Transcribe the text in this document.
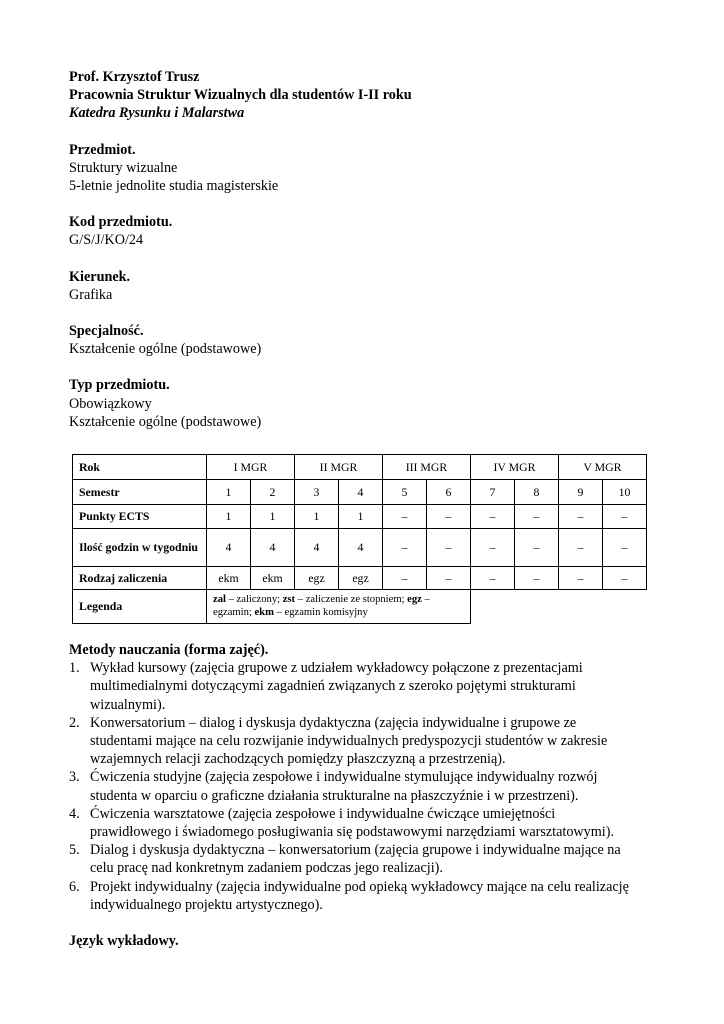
Prof. Krzysztof Trusz
Pracownia Struktur Wizualnych dla studentów I-II roku
Katedra Rysunku i Malarstwa
Przedmiot.
Struktury wizualne
5-letnie jednolite studia magisterskie
Kod przedmiotu.
G/S/J/KO/24
Kierunek.
Grafika
Specjalność.
Kształcenie ogólne (podstawowe)
Typ przedmiotu.
Obowiązkowy
Kształcenie ogólne (podstawowe)
Rok	I MGR		II MGR		III MGR		IV MGR		V MGR	
Semestr	1	2	3	4	5	6	7	8	9	10
Punkty ECTS	1	1	1	1	–	–	–	–	–	–
Ilość godzin w tygodniu	4	4	4	4	–	–	–	–	–	–
Rodzaj zaliczenia	ekm	ekm	egz	egz	–	–	–	–	–	–
Legenda	zal – zaliczony; zst – zaliczenie ze stopniem; egz – egzamin; ekm – egzamin komisyjny									
Metody nauczania (forma zajęć).
1. Wykład kursowy (zajęcia grupowe z udziałem wykładowcy połączone z prezentacjami
multimedialnymi dotyczącymi zagadnień związanych z szeroko pojętymi strukturami
wizualnymi).
2. Konwersatorium – dialog i dyskusja dydaktyczna (zajęcia indywidualne i grupowe ze
studentami mające na celu rozwijanie indywidualnych predyspozycji studentów w zakresie
wzajemnych relacji zachodzących pomiędzy płaszczyzną a przestrzenią).
3. Ćwiczenia studyjne (zajęcia zespołowe i indywidualne stymulujące indywidualny rozwój
studenta w oparciu o graficzne działania strukturalne na płaszczyźnie i w przestrzeni).
4. Ćwiczenia warsztatowe (zajęcia zespołowe i indywidualne ćwiczące umiejętności
prawidłowego i świadomego posługiwania się podstawowymi narzędziami warsztatowymi).
5. Dialog i dyskusja dydaktyczna – konwersatorium (zajęcia grupowe i indywidualne mające na
celu pracę nad konkretnym zadaniem podczas jego realizacji).
6. Projekt indywidualny (zajęcia indywidualne pod opieką wykładowcy mające na celu realizację
indywidualnego projektu artystycznego).
Język wykładowy.
